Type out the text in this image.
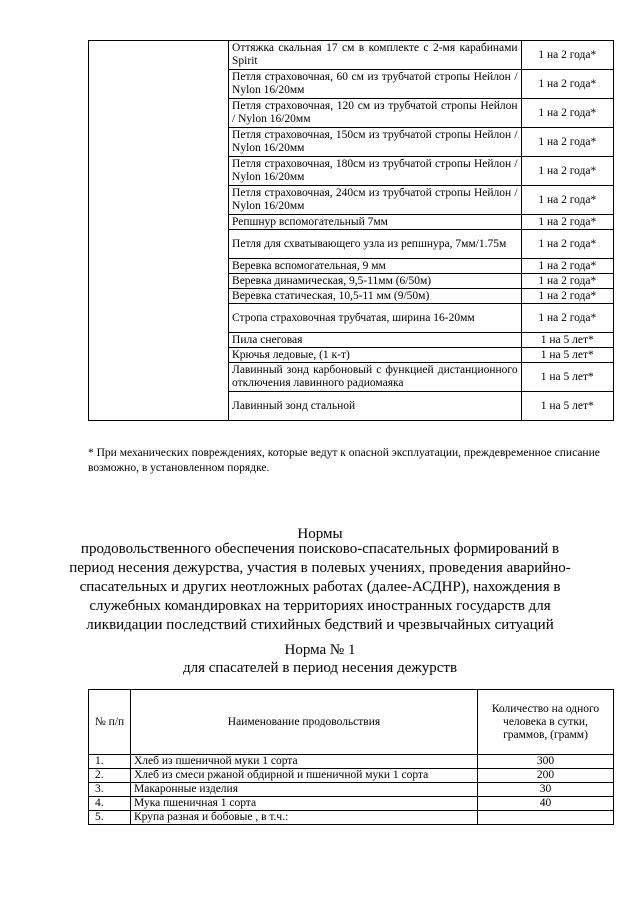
	Оттяжка скальная 17 см в комплекте с 2-мя карабинами Spirit	1 на 2 года*
	Петля страховочная, 60 см из трубчатой стропы Нейлон / Nylon 16/20мм	1 на 2 года*
	Петля страховочная, 120 см из трубчатой стропы Нейлон / Nylon 16/20мм	1 на 2 года*
	Петля страховочная, 150см из трубчатой стропы Нейлон / Nylon 16/20мм	1 на 2 года*
	Петля страховочная, 180см из трубчатой стропы Нейлон / Nylon 16/20мм	1 на 2 года*
	Петля страховочная, 240см из трубчатой стропы Нейлон / Nylon 16/20мм	1 на 2 года*
	Репшнур вспомогательный 7мм	1 на 2 года*
	Петля для схватывающего узла из репшнура, 7мм/1.75м	1 на 2 года*
	Веревка вспомогательная, 9 мм	1 на 2 года*
	Веревка динамическая, 9,5-11мм (6/50м)	1 на 2 года*
	Веревка статическая, 10,5-11 мм (9/50м)	1 на 2 года*
	Стропа страховочная трубчатая, ширина 16-20мм	1 на 2 года*
	Пила снеговая	1 на 5 лет*
	Крючья ледовые, (1 к-т)	1 на 5 лет*
	Лавинный зонд карбоновый с функцией дистанционного отключения лавинного радиомаяка	1 на 5 лет*
	Лавинный зонд стальной	1 на 5 лет*
* При механических повреждениях, которые ведут к опасной эксплуатации, преждевременное списание возможно, в установленном порядке.
Нормы
продовольственного обеспечения поисково-спасательных формирований в период несения дежурства, участия в полевых учениях, проведения аварийно-спасательных и других неотложных работах (далее-АСДНР), нахождения в служебных командировках на территориях иностранных государств для ликвидации последствий стихийных бедствий и чрезвычайных ситуаций
Норма № 1
для спасателей в период несения дежурств
№ п/п	Наименование продовольствия	Количество на одного человека в сутки, граммов, (грамм)
1.	Хлеб из пшеничной муки 1 сорта	300
2.	Хлеб из смеси ржаной обдирной и пшеничной муки 1 сорта	200
3.	Макаронные изделия	30
4.	Мука пшеничная 1 сорта	40
5.	Крупа разная и бобовые , в т.ч.:	
